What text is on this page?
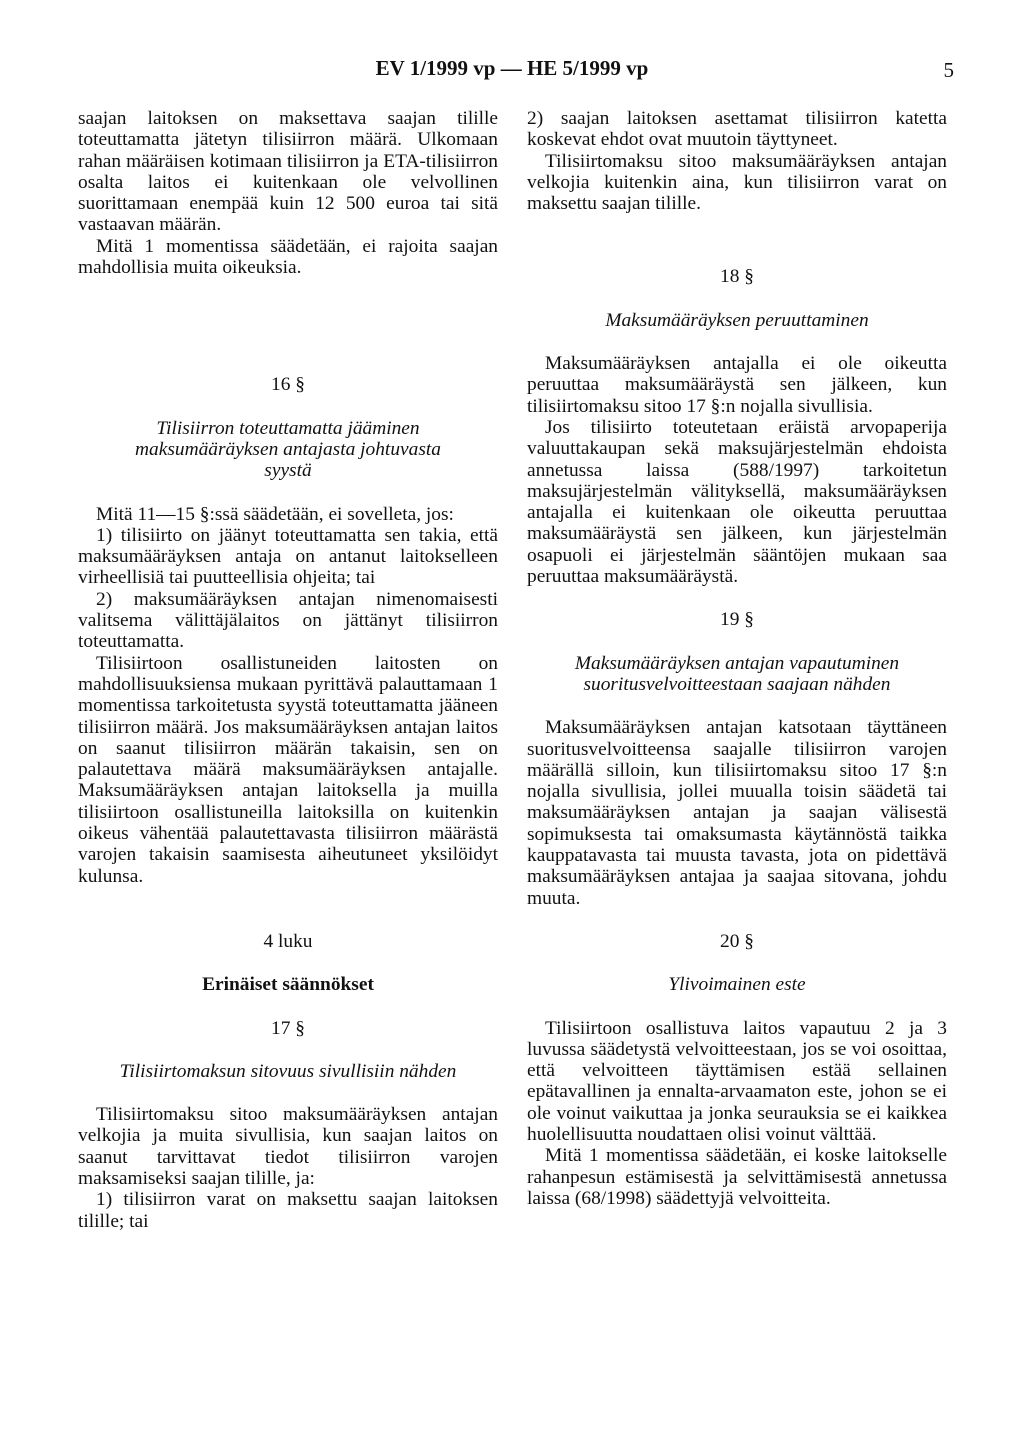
EV 1/1999 vp — HE 5/1999 vp	5

saajan laitoksen on maksettava saajan tilille toteuttamatta jätetyn tilisiirron määrä. Ulkomaan rahan määräisen kotimaan tilisiirron ja ETA-tilisiirron osalta laitos ei kuitenkaan ole velvollinen suorittamaan enempää kuin 12 500 euroa tai sitä vastaavan määrän.

Mitä 1 momentissa säädetään, ei rajoita saajan mahdollisia muita oikeuksia.

16 §
Tilisiirron toteuttamatta jääminen
maksumääräyksen antajasta johtuvasta
syystä

Mitä 11—15 §:ssä säädetään, ei sovelleta, jos:

1) tilisiirto on jäänyt toteuttamatta sen takia, että maksumääräyksen antaja on antanut laitokselleen virheellisiä tai puutteellisia ohjeita; tai

2) maksumääräyksen antajan nimenomaisesti valitsema välittäjälaitos on jättänyt tilisiirron toteuttamatta.

Tilisiirtoon osallistuneiden laitosten on mahdollisuuksiensa mukaan pyrittävä palauttamaan 1 momentissa tarkoitetusta syystä toteuttamatta jääneen tilisiirron määrä. Jos maksumääräyksen antajan laitos on saanut tilisiirron määrän takaisin, sen on palautettava määrä maksumääräyksen antajalle. Maksumääräyksen antajan laitoksella ja muilla tilisiirtoon osallistuneilla laitoksilla on kuitenkin oikeus vähentää palautettavasta tilisiirron määrästä varojen takaisin saamisesta aiheutuneet yksilöidyt kulunsa.

4 luku
Erinäiset säännökset
17 §
Tilisiirtomaksun sitovuus sivullisiin nähden

Tilisiirtomaksu sitoo maksumääräyksen antajan velkojia ja muita sivullisia, kun saajan laitos on saanut tarvittavat tiedot tilisiirron varojen maksamiseksi saajan tilille, ja:

1) tilisiirron varat on maksettu saajan laitoksen tilille; tai

2) saajan laitoksen asettamat tilisiirron katetta koskevat ehdot ovat muutoin täyttyneet.

Tilisiirtomaksu sitoo maksumääräyksen antajan velkojia kuitenkin aina, kun tilisiirron varat on maksettu saajan tilille.

18 §
Maksumääräyksen peruuttaminen

Maksumääräyksen antajalla ei ole oikeutta peruuttaa maksumääräystä sen jälkeen, kun tilisiirtomaksu sitoo 17 §:n nojalla sivullisia.

Jos tilisiirto toteutetaan eräistä arvopaperija valuuttakaupan sekä maksujärjestelmän ehdoista annetussa laissa (588/1997) tarkoitetun maksujärjestelmän välityksellä, maksumääräyksen antajalla ei kuitenkaan ole oikeutta peruuttaa maksumääräystä sen jälkeen, kun järjestelmän osapuoli ei järjestelmän sääntöjen mukaan saa peruuttaa maksumääräystä.

19 §
Maksumääräyksen antajan vapautuminen
suoritusvelvoitteestaan saajaan nähden

Maksumääräyksen antajan katsotaan täyttäneen suoritusvelvoitteensa saajalle tilisiirron varojen määrällä silloin, kun tilisiirtomaksu sitoo 17 §:n nojalla sivullisia, jollei muualla toisin säädetä tai maksumääräyksen antajan ja saajan välisestä sopimuksesta tai omaksumasta käytännöstä taikka kauppatavasta tai muusta tavasta, jota on pidettävä maksumääräyksen antajaa ja saajaa sitovana, johdu muuta.

20 §
Ylivoimainen este

Tilisiirtoon osallistuva laitos vapautuu 2 ja 3 luvussa säädetystä velvoitteestaan, jos se voi osoittaa, että velvoitteen täyttämisen estää sellainen epätavallinen ja ennalta-arvaamaton este, johon se ei ole voinut vaikuttaa ja jonka seurauksia se ei kaikkea huolellisuutta noudattaen olisi voinut välttää.

Mitä 1 momentissa säädetään, ei koske laitokselle rahanpesun estämisestä ja selvittämisestä annetussa laissa (68/1998) säädettyjä velvoitteita.
